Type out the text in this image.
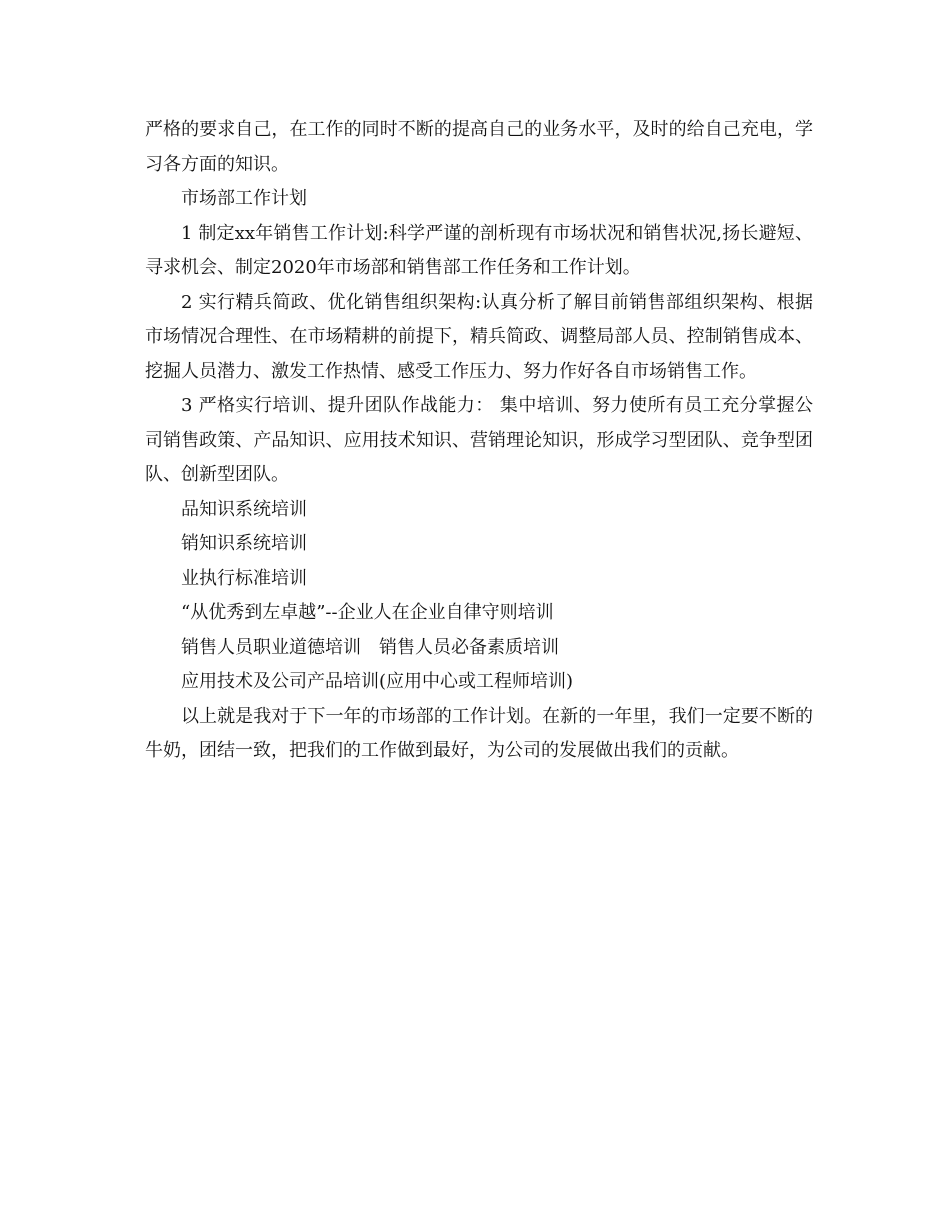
严格的要求自己，在工作的同时不断的提高自己的业务水平，及时的给自己充电，学习各方面的知识。

市场部工作计划

1 制定xx年销售工作计划:科学严谨的剖析现有市场状况和销售状况,扬长避短、寻求机会、制定2020年市场部和销售部工作任务和工作计划。

2 实行精兵简政、优化销售组织架构:认真分析了解目前销售部组织架构、根据市场情况合理性、在市场精耕的前提下，精兵简政、调整局部人员、控制销售成本、挖掘人员潜力、激发工作热情、感受工作压力、努力作好各自市场销售工作。

3 严格实行培训、提升团队作战能力： 集中培训、努力使所有员工充分掌握公司销售政策、产品知识、应用技术知识、营销理论知识，形成学习型团队、竞争型团队、创新型团队。

品知识系统培训

销知识系统培训

业执行标准培训

“从优秀到左卓越”--企业人在企业自律守则培训

销售人员职业道德培训　销售人员必备素质培训

应用技术及公司产品培训(应用中心或工程师培训)

以上就是我对于下一年的市场部的工作计划。在新的一年里，我们一定要不断的牛奶，团结一致，把我们的工作做到最好，为公司的发展做出我们的贡献。
